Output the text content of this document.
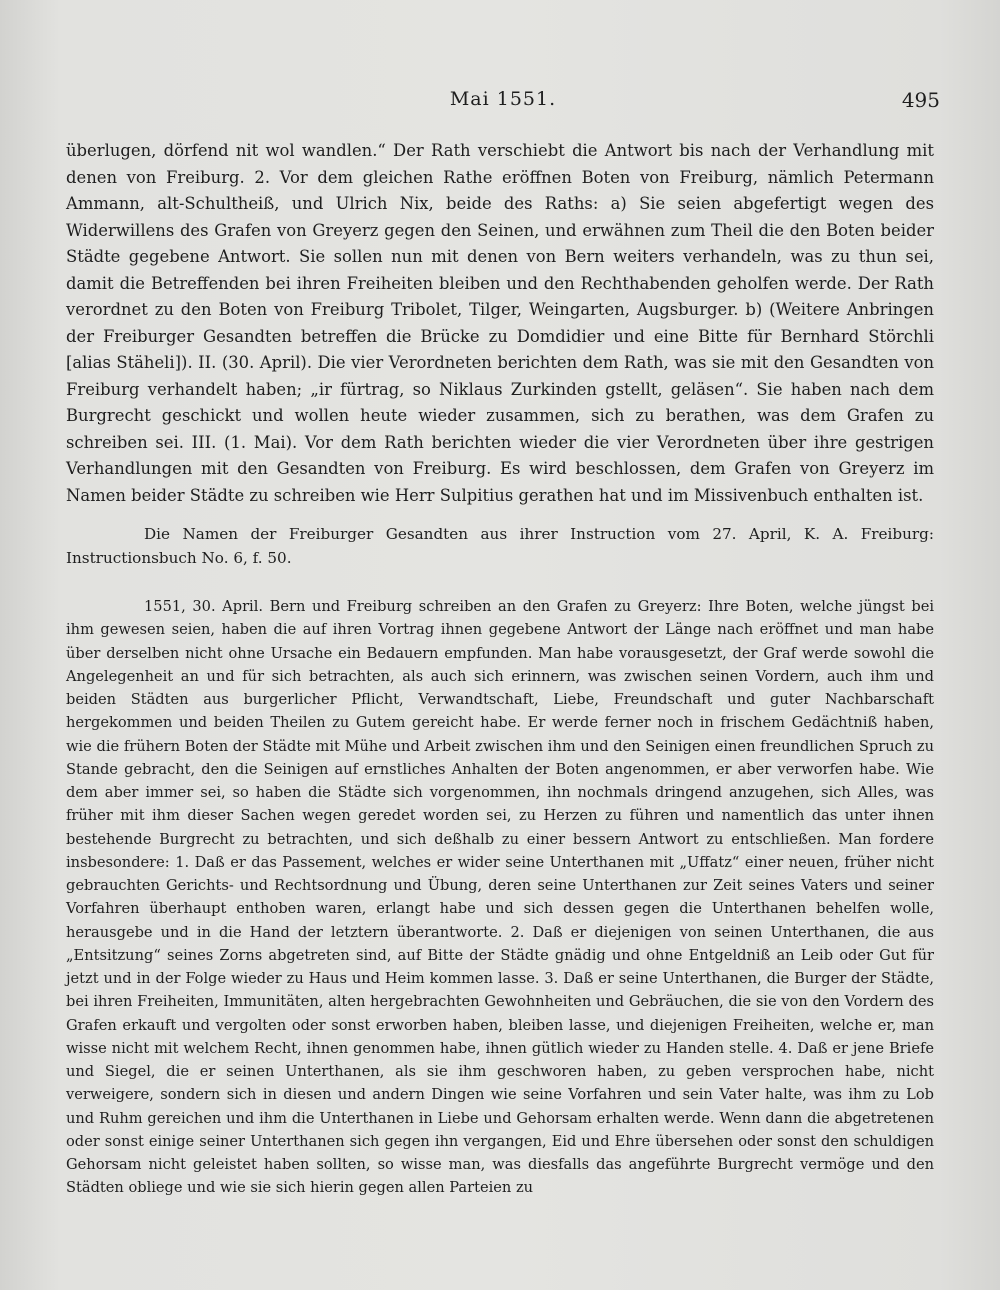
Mai 1551.	495

überlugen, dörfend nit wol wandlen.“ Der Rath verschiebt die Antwort bis nach der Verhandlung mit denen von Freiburg. 2. Vor dem gleichen Rathe eröffnen Boten von Freiburg, nämlich Petermann Ammann, alt-Schultheiß, und Ulrich Nix, beide des Raths: a) Sie seien abgefertigt wegen des Widerwillens des Grafen von Greyerz gegen den Seinen, und erwähnen zum Theil die den Boten beider Städte gegebene Antwort. Sie sollen nun mit denen von Bern weiters verhandeln, was zu thun sei, damit die Betreffenden bei ihren Freiheiten bleiben und den Rechthabenden geholfen werde. Der Rath verordnet zu den Boten von Freiburg Tribolet, Tilger, Weingarten, Augsburger. b) (Weitere Anbringen der Freiburger Gesandten betreffen die Brücke zu Domdidier und eine Bitte für Bernhard Störchli [alias Stäheli]). II. (30. April). Die vier Verordneten berichten dem Rath, was sie mit den Gesandten von Freiburg verhandelt haben; „ir fürtrag, so Niklaus Zurkinden gstellt, geläsen“. Sie haben nach dem Burgrecht geschickt und wollen heute wieder zusammen, sich zu berathen, was dem Grafen zu schreiben sei. III. (1. Mai). Vor dem Rath berichten wieder die vier Verordneten über ihre gestrigen Verhandlungen mit den Gesandten von Freiburg. Es wird beschlossen, dem Grafen von Greyerz im Namen beider Städte zu schreiben wie Herr Sulpitius gerathen hat und im Missivenbuch enthalten ist.

Die Namen der Freiburger Gesandten aus ihrer Instruction vom 27. April, K. A. Freiburg: Instructionsbuch No. 6, f. 50.

1551, 30. April. Bern und Freiburg schreiben an den Grafen zu Greyerz: Ihre Boten, welche jüngst bei ihm gewesen seien, haben die auf ihren Vortrag ihnen gegebene Antwort der Länge nach eröffnet und man habe über derselben nicht ohne Ursache ein Bedauern empfunden. Man habe vorausgesetzt, der Graf werde sowohl die Angelegenheit an und für sich betrachten, als auch sich erinnern, was zwischen seinen Vordern, auch ihm und beiden Städten aus burgerlicher Pflicht, Verwandtschaft, Liebe, Freundschaft und guter Nachbarschaft hergekommen und beiden Theilen zu Gutem gereicht habe. Er werde ferner noch in frischem Gedächtniß haben, wie die frühern Boten der Städte mit Mühe und Arbeit zwischen ihm und den Seinigen einen freundlichen Spruch zu Stande gebracht, den die Seinigen auf ernstliches Anhalten der Boten angenommen, er aber verworfen habe. Wie dem aber immer sei, so haben die Städte sich vorgenommen, ihn nochmals dringend anzugehen, sich Alles, was früher mit ihm dieser Sachen wegen geredet worden sei, zu Herzen zu führen und namentlich das unter ihnen bestehende Burgrecht zu betrachten, und sich deßhalb zu einer bessern Antwort zu entschließen. Man fordere insbesondere: 1. Daß er das Passement, welches er wider seine Unterthanen mit „Uffatz“ einer neuen, früher nicht gebrauchten Gerichts- und Rechtsordnung und Übung, deren seine Unterthanen zur Zeit seines Vaters und seiner Vorfahren überhaupt enthoben waren, erlangt habe und sich dessen gegen die Unterthanen behelfen wolle, herausgebe und in die Hand der letztern überantworte. 2. Daß er diejenigen von seinen Unterthanen, die aus „Entsitzung“ seines Zorns abgetreten sind, auf Bitte der Städte gnädig und ohne Entgeldniß an Leib oder Gut für jetzt und in der Folge wieder zu Haus und Heim kommen lasse. 3. Daß er seine Unterthanen, die Burger der Städte, bei ihren Freiheiten, Immunitäten, alten hergebrachten Gewohnheiten und Gebräuchen, die sie von den Vordern des Grafen erkauft und vergolten oder sonst erworben haben, bleiben lasse, und diejenigen Freiheiten, welche er, man wisse nicht mit welchem Recht, ihnen genommen habe, ihnen gütlich wieder zu Handen stelle. 4. Daß er jene Briefe und Siegel, die er seinen Unterthanen, als sie ihm geschworen haben, zu geben versprochen habe, nicht verweigere, sondern sich in diesen und andern Dingen wie seine Vorfahren und sein Vater halte, was ihm zu Lob und Ruhm gereichen und ihm die Unterthanen in Liebe und Gehorsam erhalten werde. Wenn dann die abgetretenen oder sonst einige seiner Unterthanen sich gegen ihn vergangen, Eid und Ehre übersehen oder sonst den schuldigen Gehorsam nicht geleistet haben sollten, so wisse man, was diesfalls das angeführte Burgrecht vermöge und den Städten obliege und wie sie sich hierin gegen allen Parteien zu
